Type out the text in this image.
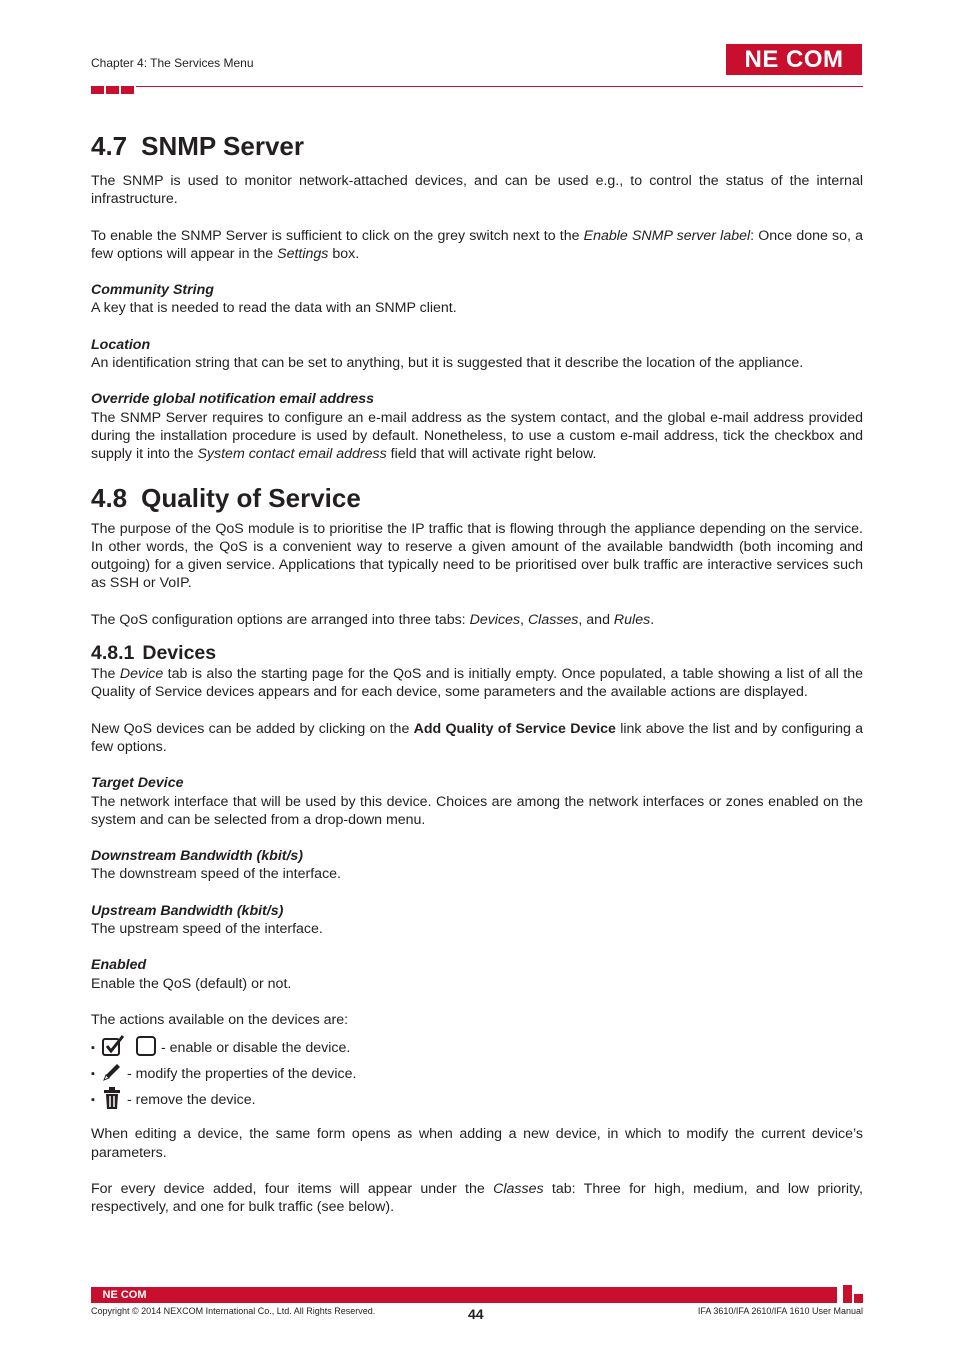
Chapter 4: The Services Menu	NE COM
4.7 SNMP Server

The SNMP is used to monitor network-attached devices, and can be used e.g., to control the status of the internal infrastructure.

To enable the SNMP Server is sufficient to click on the grey switch next to the Enable SNMP server label: Once done so, a few options will appear in the Settings box.

Community String

A key that is needed to read the data with an SNMP client.

Location

An identification string that can be set to anything, but it is suggested that it describe the location of the appliance.

Override global notification email address

The SNMP Server requires to configure an e-mail address as the system contact, and the global e-mail address provided during the installation procedure is used by default. Nonetheless, to use a custom e-mail address, tick the checkbox and supply it into the System contact email address field that will activate right below.

4.8 Quality of Service

The purpose of the QoS module is to prioritise the IP traffic that is flowing through the appliance depending on the service. In other words, the QoS is a convenient way to reserve a given amount of the available bandwidth (both incoming and outgoing) for a given service. Applications that typically need to be prioritised over bulk traffic are interactive services such as SSH or VoIP.

The QoS configuration options are arranged into three tabs: Devices, Classes, and Rules.

4.8.1 Devices

The Device tab is also the starting page for the QoS and is initially empty. Once populated, a table showing a list of all the Quality of Service devices appears and for each device, some parameters and the available actions are displayed.

New QoS devices can be added by clicking on the Add Quality of Service Device link above the list and by configuring a few options.

Target Device

The network interface that will be used by this device. Choices are among the network interfaces or zones enabled on the system and can be selected from a drop-down menu.

Downstream Bandwidth (kbit/s)

The downstream speed of the interface.

Upstream Bandwidth (kbit/s)

The upstream speed of the interface.

Enabled

Enable the QoS (default) or not.

The actions available on the devices are:

▪	- enable or disable the device.
▪	- modify the properties of the device.
▪	- remove the device.

When editing a device, the same form opens as when adding a new device, in which to modify the current device’s parameters.

For every device added, four items will appear under the Classes tab: Three for high, medium, and low priority, respectively, and one for bulk traffic (see below).

NE COM
Copyright © 2014 NEXCOM International Co., Ltd. All Rights Reserved.	44	IFA 3610/IFA 2610/IFA 1610 User Manual
